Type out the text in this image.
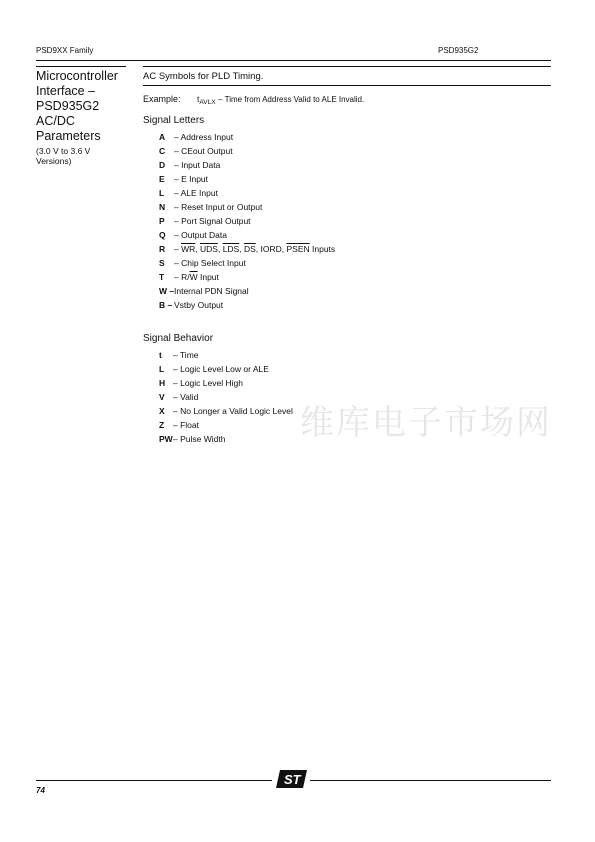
PSD9XX Family	PSD935G2
Microcontroller
Interface –
PSD935G2
AC/DC
Parameters
(3.0 V to 3.6 V
Versions)
AC Symbols for PLD Timing.
Example: $t_{AVLX}$ – Time from Address Valid to ALE Invalid.
Signal Letters
A – Address Input
C – CEout Output
D – Input Data
E – E Input
L – ALE Input
N – Reset Input or Output
P – Port Signal Output
Q – Output Data
R – $\overline{WR}$, $\overline{UDS}$, $\overline{LDS}$, $\overline{DS}$, IORD, PSEN Inputs
S – Chip Select Input
T – $R/\overline{W}$ Input
W –Internal PDN Signal
B – Vstby Output
Signal Behavior
t – Time
L – Logic Level Low or ALE
H – Logic Level High
V – Valid
X – No Longer a Valid Logic Level
Z – Float
PW– Pulse Width	维库电子市场网
ST
74
